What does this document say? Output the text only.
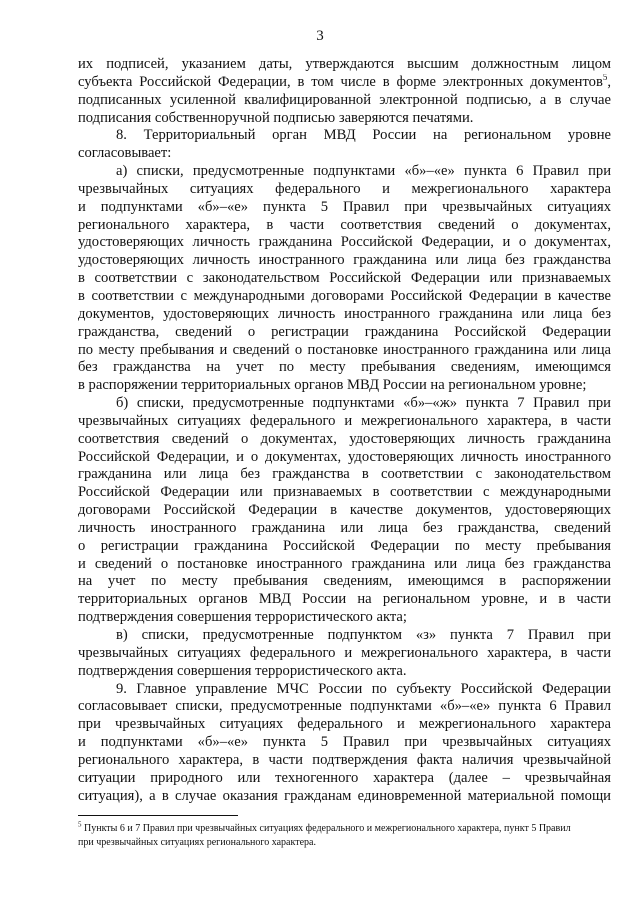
3
их подписей, указанием даты, утверждаются высшим должностным лицом
субъекта Российской Федерации, в том числе в форме электронных документов$^5$,
подписанных усиленной квалифицированной электронной подписью, а в случае
подписания собственноручной подписью заверяются печатями.
8. Территориальный орган МВД России на региональном уровне
согласовывает:
а) списки, предусмотренные подпунктами «б»–«е» пункта 6 Правил при
чрезвычайных ситуациях федерального и межрегионального характера
и подпунктами «б»–«е» пункта 5 Правил при чрезвычайных ситуациях
регионального характера, в части соответствия сведений о документах,
удостоверяющих личность гражданина Российской Федерации, и о документах,
удостоверяющих личность иностранного гражданина или лица без гражданства
в соответствии с законодательством Российской Федерации или признаваемых
в соответствии с международными договорами Российской Федерации в качестве
документов, удостоверяющих личность иностранного гражданина или лица без
гражданства, сведений о регистрации гражданина Российской Федерации
по месту пребывания и сведений о постановке иностранного гражданина или лица
без гражданства на учет по месту пребывания сведениям, имеющимся
в распоряжении территориальных органов МВД России на региональном уровне;
б) списки, предусмотренные подпунктами «б»–«ж» пункта 7 Правил при
чрезвычайных ситуациях федерального и межрегионального характера, в части
соответствия сведений о документах, удостоверяющих личность гражданина
Российской Федерации, и о документах, удостоверяющих личность иностранного
гражданина или лица без гражданства в соответствии с законодательством
Российской Федерации или признаваемых в соответствии с международными
договорами Российской Федерации в качестве документов, удостоверяющих
личность иностранного гражданина или лица без гражданства, сведений
о регистрации гражданина Российской Федерации по месту пребывания
и сведений о постановке иностранного гражданина или лица без гражданства
на учет по месту пребывания сведениям, имеющимся в распоряжении
территориальных органов МВД России на региональном уровне, и в части
подтверждения совершения террористического акта;
в) списки, предусмотренные подпунктом «з» пункта 7 Правил при
чрезвычайных ситуациях федерального и межрегионального характера, в части
подтверждения совершения террористического акта.
9. Главное управление МЧС России по субъекту Российской Федерации
согласовывает списки, предусмотренные подпунктами «б»–«е» пункта 6 Правил
при чрезвычайных ситуациях федерального и межрегионального характера
и подпунктами «б»–«е» пункта 5 Правил при чрезвычайных ситуациях
регионального характера, в части подтверждения факта наличия чрезвычайной
ситуации природного или техногенного характера (далее – чрезвычайная
ситуация), а в случае оказания гражданам единовременной материальной помощи
$^5$ Пункты 6 и 7 Правил при чрезвычайных ситуациях федерального и межрегионального характера, пункт 5 Правил
при чрезвычайных ситуациях регионального характера.
